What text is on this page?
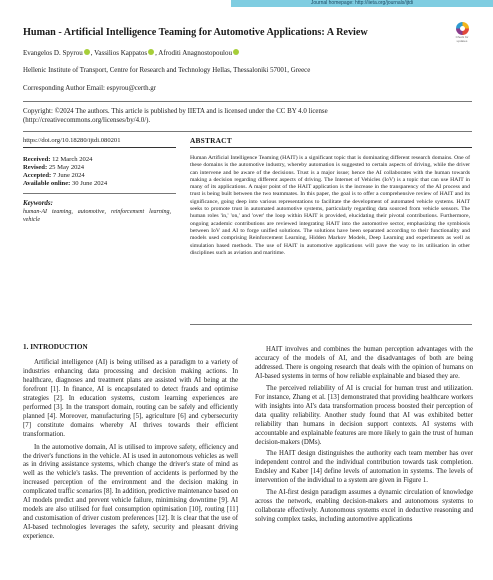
Journal homepage: http://iieta.org/journals/ijtdi
Human - Artificial Intelligence Teaming for Automotive Applications: A Review	Check for
updates
Evangelos D. Spyrou , Vassilios Kappatos , Afroditi Anagnostopoulou
Hellenic Institute of Transport, Centre for Research and Technology Hellas, Thessaloniki 57001, Greece
Corresponding Author Email: espyrou@certh.gr
Copyright: ©2024 The authors. This article is published by IIETA and is licensed under the CC BY 4.0 license (http://creativecommons.org/licenses/by/4.0/).
https://doi.org/10.18280/ijtdi.080201	ABSTRACT
Received: 12 March 2024
Revised: 25 May 2024
Accepted: 7 June 2024
Available online: 30 June 2024
Keywords:
human-AI teaming, automotive, reinforcement learning, vehicle
Human Artificial Intelligence Teaming (HAIT) is a significant topic that is dominating different research domains. One of these domains is the automotive industry, whereby automation is suggested to certain aspects of driving, while the driver can intervene and be aware of the decisions. Trust is a major issue; hence the AI collaborates with the human towards making a decision regarding different aspects of driving. The Internet of Vehicles (IoV) is a topic that can use HAIT in many of its applications. A major point of the HAIT application is the increase in the transparency of the AI process and trust is being built between the two teammates. In this paper, the goal is to offer a comprehensive review of HAIT and its significance, going deep into various representations to facilitate the development of automated vehicle systems. HAIT seeks to promote trust in automated automotive systems, particularly regarding data sourced from vehicle sensors. The human roles 'in,' 'on,' and 'over' the loop within HAIT is provided, elucidating their pivotal contributions. Furthermore, ongoing academic contributions are reviewed integrating HAIT into the automotive sector, emphasizing the symbiosis between IoV and AI to forge unified solutions. The solutions have been separated according to their functionality and models used comprising Reinforcement Learning, Hidden Markov Models, Deep Learning and experiments as well as simulation based methods. The use of HAIT in automotive applications will pave the way to its utilisation in other disciplines such as aviation and maritime.
1. INTRODUCTION

Artificial intelligence (AI) is being utilised as a paradigm to a variety of industries enhancing data processing and decision making actions. In healthcare, diagnoses and treatment plans are assisted with AI being at the forefront [1]. In finance, AI is encapsulated to detect frauds and optimise strategies [2]. In education systems, custom learning experiences are performed [3]. In the transport domain, routing can be safely and efficiently planned [4]. Moreover, manufacturing [5], agriculture [6] and cybersecurity [7] constitute domains whereby AI thrives towards their efficient transformation.

In the automotive domain, AI is utilised to improve safety, efficiency and the driver's functions in the vehicle. AI is used in autonomous vehicles as well as in driving assistance systems, which change the driver's state of mind as well as the vehicle's tasks. The prevention of accidents is performed by the increased perception of the environment and the decision making in complicated traffic scenarios [8]. In addition, predictive maintenance based on AI models predict and prevent vehicle failure, minimising downtime [9]. AI models are also utilised for fuel consumption optimisation [10], routing [11] and customisation of driver custom preferences [12]. It is clear that the use of AI-based technologies leverages the safety, security and pleasant driving experience.

HAIT involves and combines the human perception advantages with the accuracy of the models of AI, and the disadvantages of both are being addressed. There is ongoing research that deals with the opinion of humans on AI-based systems in terms of how reliable explainable and biased they are.

The perceived reliability of AI is crucial for human trust and utilization. For instance, Zhang et al. [13] demonstrated that providing healthcare workers with insights into AI's data transformation process boosted their perception of data quality reliability. Another study found that AI was exhibited better reliability than humans in decision support contexts. AI systems with accountable and explainable features are more likely to gain the trust of human decision-makers (DMs).

The HAIT design distinguishes the authority each team member has over independent control and the individual contribution towards task completion. Endsley and Kaber [14] define levels of automation in systems. The levels of intervention of the individual to a system are given in Figure 1.

The AI-first design paradigm assumes a dynamic circulation of knowledge across the network, enabling decision-makers and autonomous systems to collaborate effectively. Autonomous systems excel in deductive reasoning and solving complex tasks, including automotive applications
